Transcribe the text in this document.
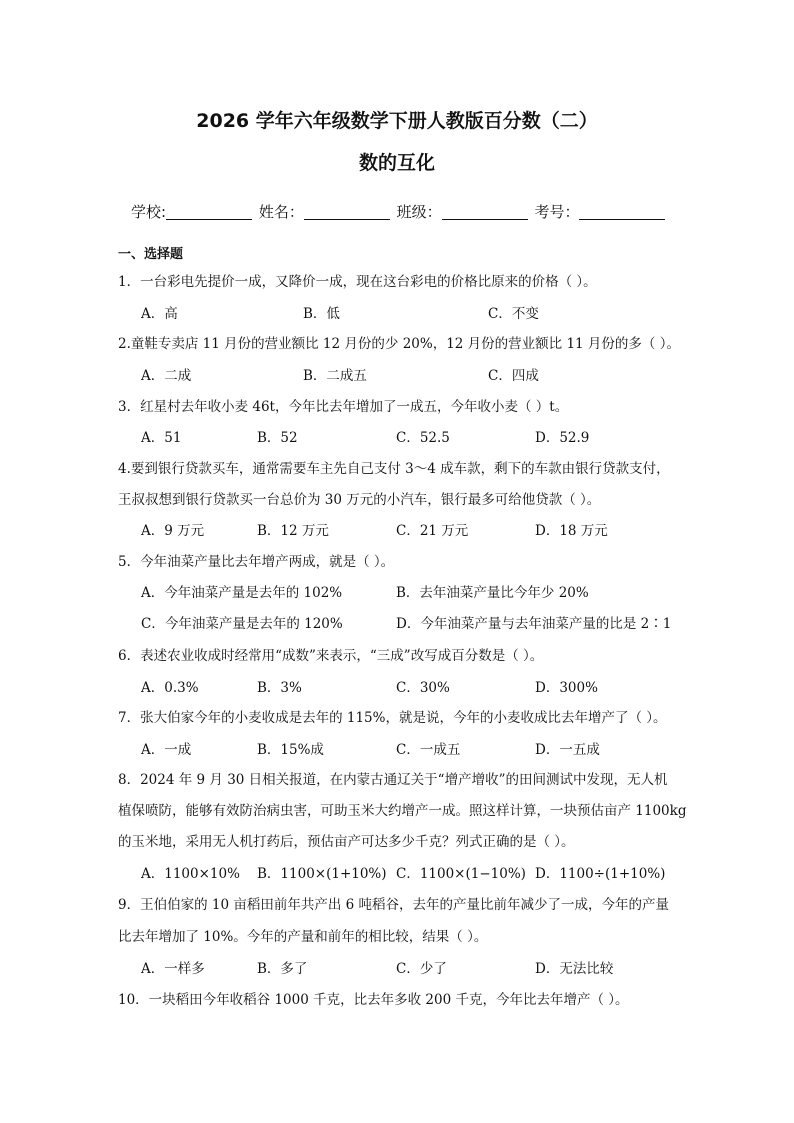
2026 学年六年级数学下册人教版百分数（二）
数的互化
学校:	姓名：	班级：	考号：
一、选择题
1．一台彩电先提价一成，又降价一成，现在这台彩电的价格比原来的价格（ ）。
A．高	B．低	C．不变
2.童鞋专卖店 11 月份的营业额比 12 月份的少 20%，12 月份的营业额比 11 月份的多（ ）。
A．二成	B．二成五	C．四成
3．红星村去年收小麦 46t，今年比去年增加了一成五，今年收小麦（ ）t。
A．51	B．52	C．52.5	D．52.9
4.要到银行贷款买车，通常需要车主先自己支付 3～4 成车款，剩下的车款由银行贷款支付，
王叔叔想到银行贷款买一台总价为 30 万元的小汽车，银行最多可给他贷款（ ）。
A．9 万元	B．12 万元	C．21 万元	D．18 万元
5．今年油菜产量比去年增产两成，就是（ ）。
A．今年油菜产量是去年的 102%	B．去年油菜产量比今年少 20%
C．今年油菜产量是去年的 120%	D．今年油菜产量与去年油菜产量的比是 2∶1
6．表述农业收成时经常用“成数”来表示，“三成”改写成百分数是（ ）。
A．0.3%	B．3%	C．30%	D．300%
7．张大伯家今年的小麦收成是去年的 115%，就是说，今年的小麦收成比去年增产了（ ）。
A．一成	B．15%成	C．一成五	D．一五成
8．2024 年 9 月 30 日相关报道，在内蒙古通辽关于“增产增收”的田间测试中发现，无人机
植保喷防，能够有效防治病虫害，可助玉米大约增产一成。照这样计算，一块预估亩产 1100kg
的玉米地，采用无人机打药后，预估亩产可达多少千克？列式正确的是（ ）。
A．1100×10% B．1100×(1+10%) C．1100×(1−10%) D．1100÷(1+10%)
9．王伯伯家的 10 亩稻田前年共产出 6 吨稻谷，去年的产量比前年减少了一成，今年的产量
比去年增加了 10%。今年的产量和前年的相比较，结果（ ）。
A．一样多	B．多了	C．少了	D．无法比较
10．一块稻田今年收稻谷 1000 千克，比去年多收 200 千克，今年比去年增产（ ）。
